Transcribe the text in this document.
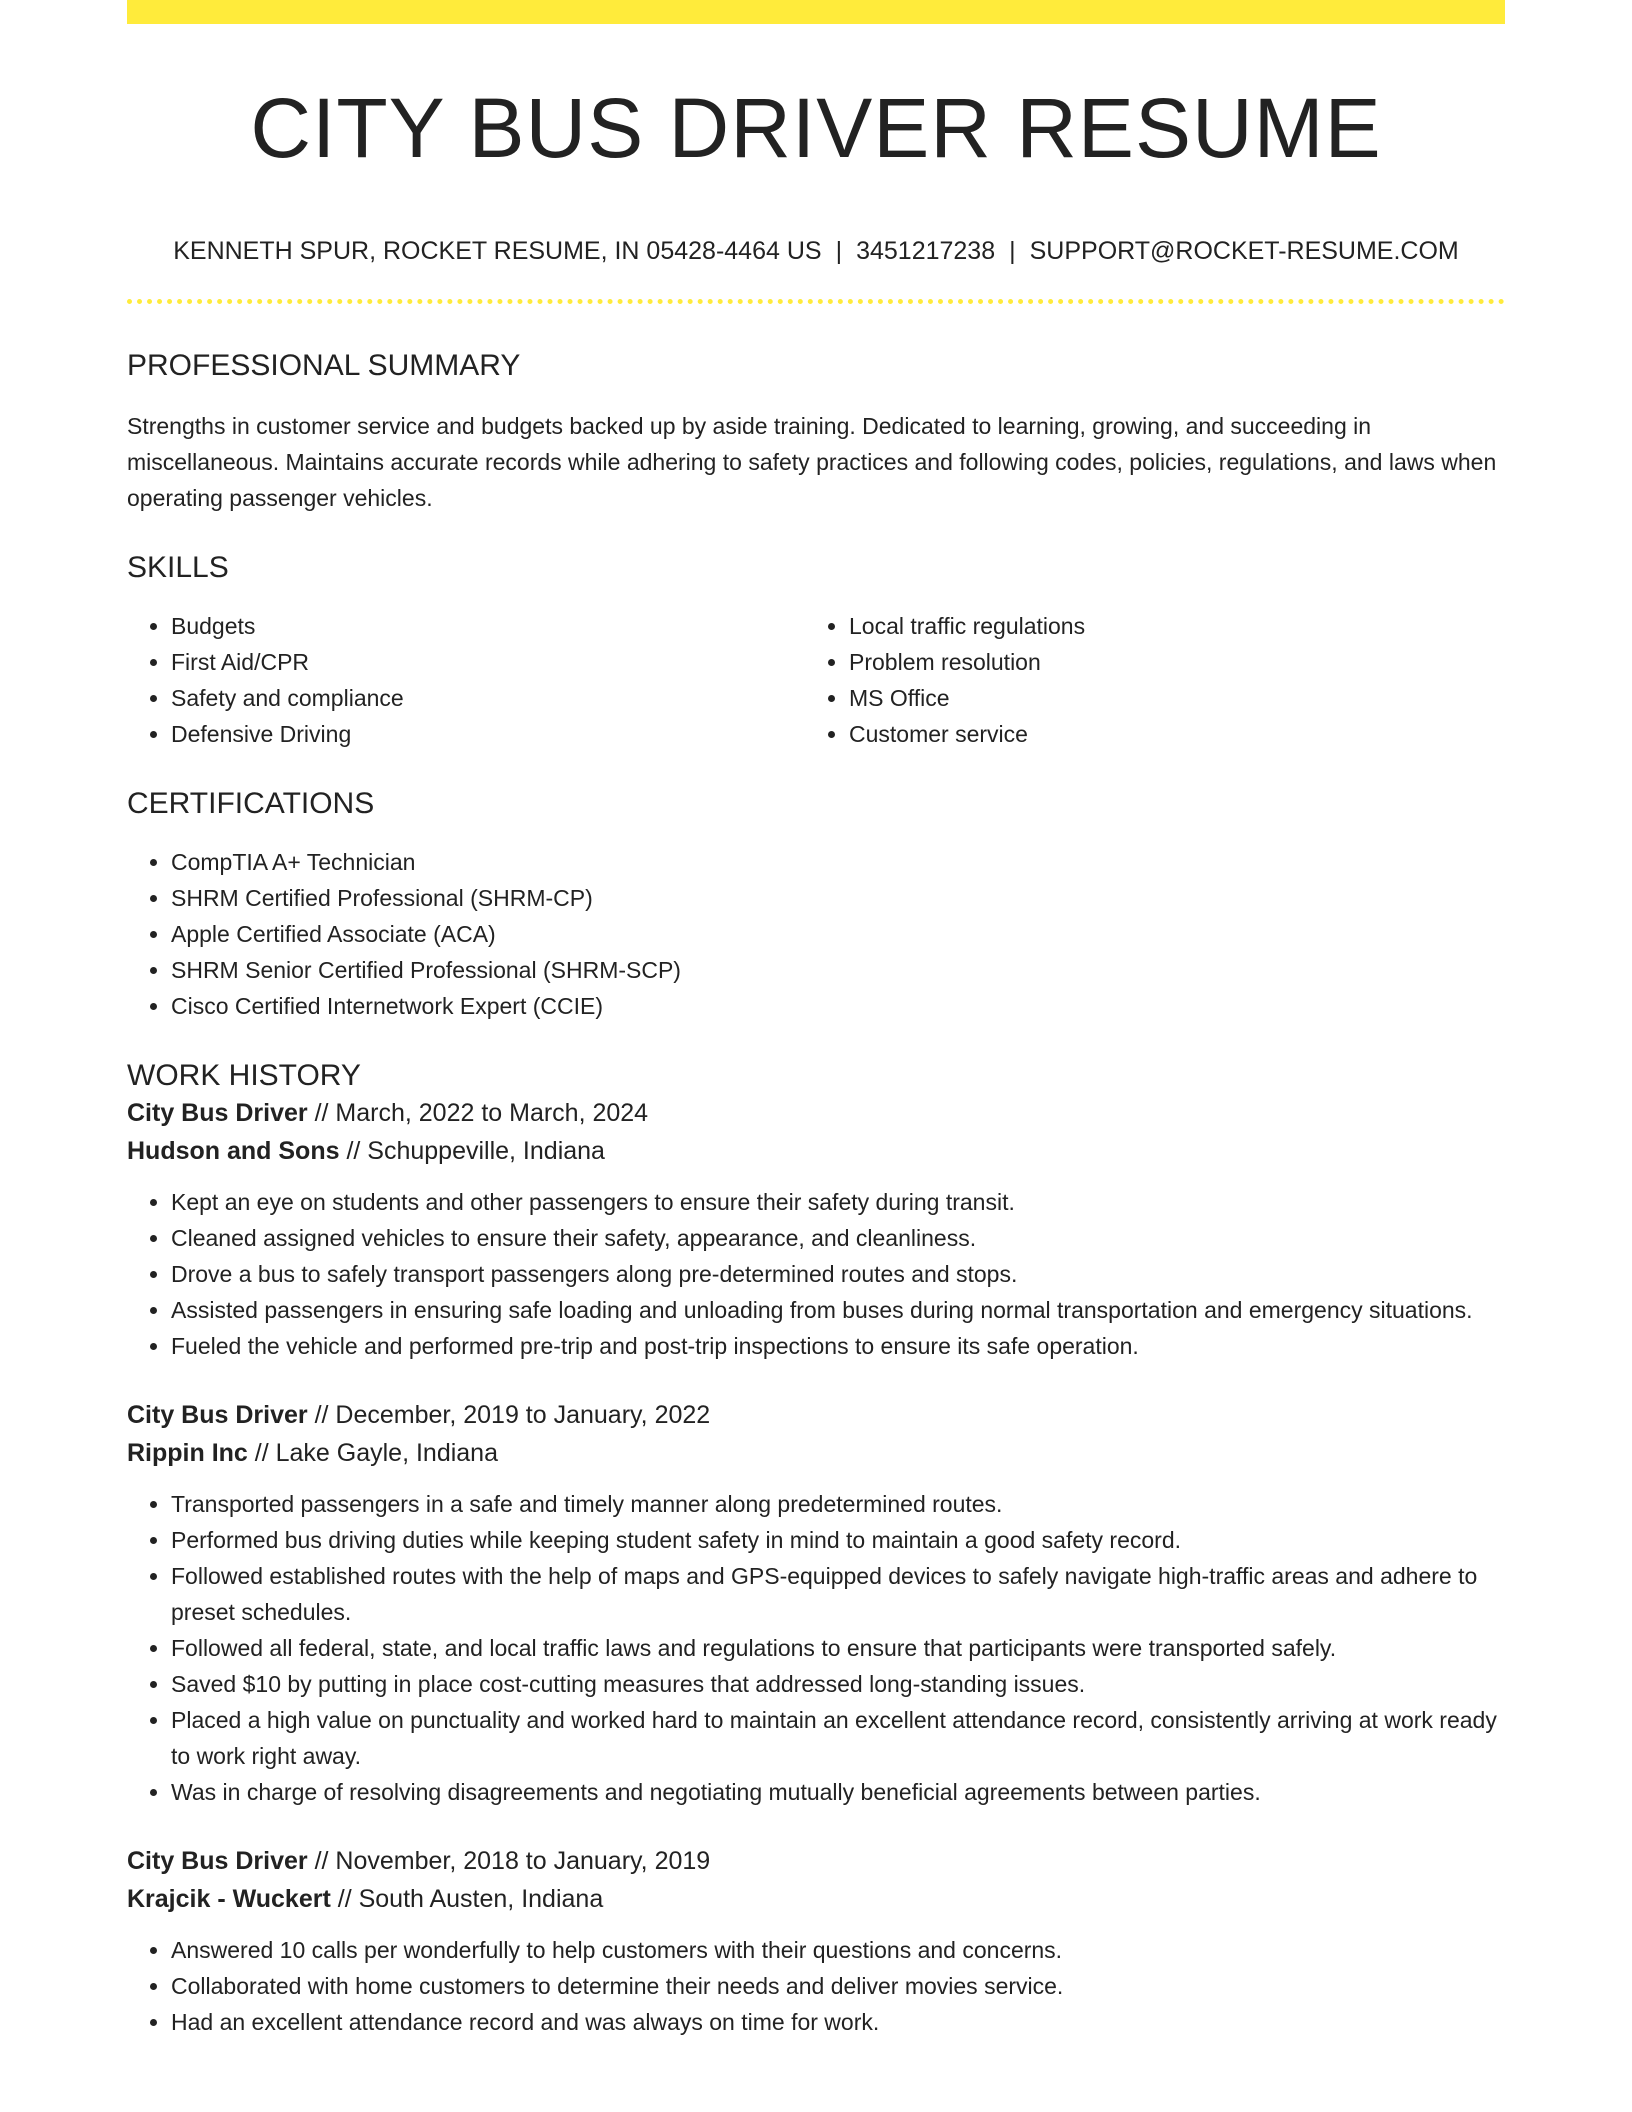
CITY BUS DRIVER RESUME
KENNETH SPUR, ROCKET RESUME, IN 05428-4464 US | 3451217238 | SUPPORT@ROCKET-RESUME.COM
PROFESSIONAL SUMMARY

Strengths in customer service and budgets backed up by aside training. Dedicated to learning, growing, and succeeding in miscellaneous. Maintains accurate records while adhering to safety practices and following codes, policies, regulations, and laws when operating passenger vehicles.

SKILLS
• Budgets
• First Aid/CPR
• Safety and compliance
• Defensive Driving
• Local traffic regulations
• Problem resolution
• MS Office
• Customer service
CERTIFICATIONS
• CompTIA A+ Technician
• SHRM Certified Professional (SHRM-CP)
• Apple Certified Associate (ACA)
• SHRM Senior Certified Professional (SHRM-SCP)
• Cisco Certified Internetwork Expert (CCIE)
WORK HISTORY
City Bus Driver // March, 2022 to March, 2024
Hudson and Sons // Schuppeville, Indiana
• Kept an eye on students and other passengers to ensure their safety during transit.
• Cleaned assigned vehicles to ensure their safety, appearance, and cleanliness.
• Drove a bus to safely transport passengers along pre-determined routes and stops.
• Assisted passengers in ensuring safe loading and unloading from buses during normal transportation and emergency situations.
• Fueled the vehicle and performed pre-trip and post-trip inspections to ensure its safe operation.
City Bus Driver // December, 2019 to January, 2022
Rippin Inc // Lake Gayle, Indiana
• Transported passengers in a safe and timely manner along predetermined routes.
• Performed bus driving duties while keeping student safety in mind to maintain a good safety record.
• Followed established routes with the help of maps and GPS-equipped devices to safely navigate high-traffic areas and adhere to preset schedules.
• Followed all federal, state, and local traffic laws and regulations to ensure that participants were transported safely.
• Saved $10 by putting in place cost-cutting measures that addressed long-standing issues.
• Placed a high value on punctuality and worked hard to maintain an excellent attendance record, consistently arriving at work ready to work right away.
• Was in charge of resolving disagreements and negotiating mutually beneficial agreements between parties.
City Bus Driver // November, 2018 to January, 2019
Krajcik - Wuckert // South Austen, Indiana
• Answered 10 calls per wonderfully to help customers with their questions and concerns.
• Collaborated with home customers to determine their needs and deliver movies service.
• Had an excellent attendance record and was always on time for work.
